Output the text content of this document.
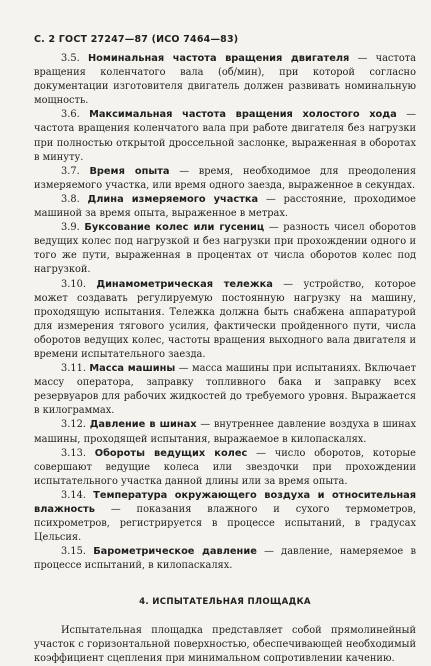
С. 2 ГОСТ 27247—87 (ИСО 7464—83)

3.5. Номинальная частота вращения двигателя — частота вращения коленчатого вала (об/мин), при которой согласно документации изготовителя двигатель должен развивать номинальную мощность.

3.6. Максимальная частота вращения холостого хода — частота вращения коленчатого вала при работе двигателя без нагрузки при полностью открытой дроссельной заслонке, выраженная в оборотах в минуту.

3.7. Время опыта — время, необходимое для преодоления измеряемого участка, или время одного заезда, выраженное в секундах.

3.8. Длина измеряемого участка — расстояние, проходимое машиной за время опыта, выраженное в метрах.

3.9. Буксование колес или гусениц — разность чисел оборотов ведущих колес под нагрузкой и без нагрузки при прохождении одного и того же пути, выраженная в процентах от числа оборотов колес под нагрузкой.

3.10. Динамометрическая тележка — устройство, которое может создавать регулируемую постоянную нагрузку на машину, проходящую испытания. Тележка должна быть снабжена аппаратурой для измерения тягового усилия, фактически пройденного пути, числа оборотов ведущих колес, частоты вращения выходного вала двигателя и времени испытательного заезда.

3.11. Масса машины — масса машины при испытаниях. Включает массу оператора, заправку топливного бака и заправку всех резервуаров для рабочих жидкостей до требуемого уровня. Выражается в килограммах.

3.12. Давление в шинах — внутреннее давление воздуха в шинах машины, проходящей испытания, выражаемое в килопаскалях.

3.13. Обороты ведущих колес — число оборотов, которые совершают ведущие колеса или звездочки при прохождении испытательного участка данной длины или за время опыта.

3.14. Температура окружающего воздуха и относительная влажность — показания влажного и сухого термометров, психрометров, регистрируется в процессе испытаний, в градусах Цельсия.

3.15. Барометрическое давление — давление, намеряемое в процессе испытаний, в килопаскалях.

4. ИСПЫТАТЕЛЬНАЯ ПЛОЩАДКА

Испытательная площадка представляет собой прямолинейный участок с горизонтальной поверхностью, обеспечивающей необходимый коэффициент сцепления при минимальном сопротивлении качению.
